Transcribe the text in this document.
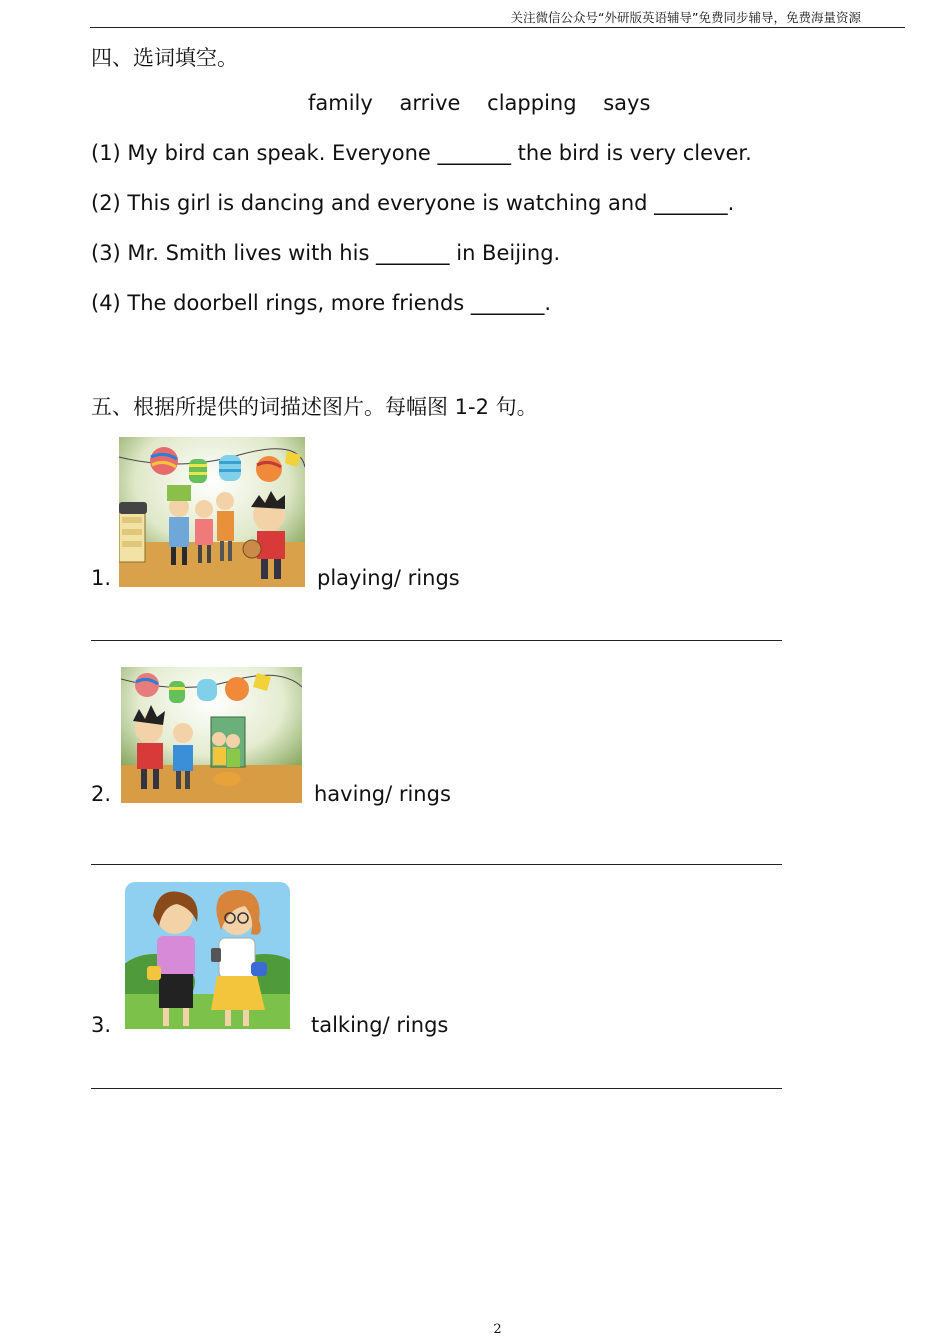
关注微信公众号“外研版英语辅导”免费同步辅导，免费海量资源
四、选词填空。
family arrive clapping says
(1) My bird can speak. Everyone _______ the bird is very clever.
(2) This girl is dancing and everyone is watching and _______.
(3) Mr. Smith lives with his _______ in Beijing.
(4) The doorbell rings, more friends _______.
五、根据所提供的词描述图片。每幅图 1-2 句。
1.	playing/ rings
2.	having/ rings
3.	talking/ rings
2
